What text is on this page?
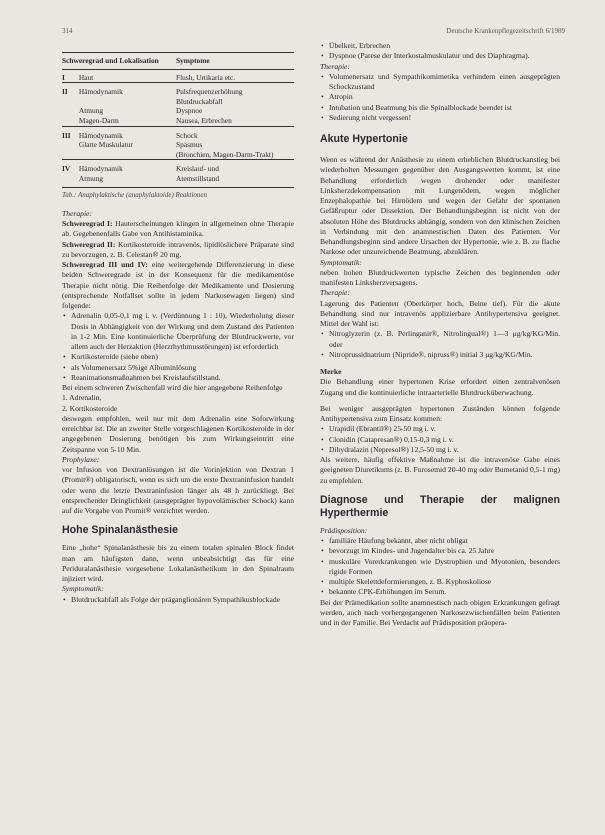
314	Deutsche Krankenpflegezeitschrift 6/1989
Schweregrad und Lokalisation		Symptome
I	Haut	Flush, Urtikaria etc.
II	Hämodynamik	Pulsfrequenzerhöhung
		Blutdruckabfall
	Atmung	Dyspnoe
	Magen-Darm	Nausea, Erbrechen
III	Hämodynamik	Schock
	Glatte Muskulatur	Spasmus
		(Bronchien, Magen-Darm-Trakt)
IV	Hämodynamik	Kreislauf- und
	Atmung	Atemstillstand
Tab.: Anaphylaktische (anaphylaktoide) Reaktionen

Therapie:

Schweregrad I: Hauterscheinungen klingen in allgemeinen ohne Therapie ab. Gegebenenfalls Gabe von Antihistaminika.

Schweregrad II: Kortikosteroide intravenös, lipidlöslichere Präparate sind zu bevorzugen, z. B. Celestan® 20 mg.

Schweregrad III und IV: eine weitergehende Differenzierung in diese beiden Schweregrade ist in der Konsequenz für die medikamentöse Therapie nicht nötig. Die Reihenfolge der Medikamente und Dosierung (entsprechende Notfallset sollte in jedem Narkosewagen liegen) sind folgende:

• Adrenalin 0,05-0,1 mg i. v. (Verdünnung 1 : 10), Wiederholung dieser Dosis in Abhängigkeit von der Wirkung und dem Zustand des Patienten in 1-2 Min. Eine kontinuierliche Überprüfung der Blutdruckwerte, vor allem auch der Herzaktion (Herzrhythmusstörungen) ist erforderlich
• Kortikosteroide (siehe oben)
• als Volumenersatz 5%ige Albuminlösung
• Reanimationsmaßnahmen bei Kreislaufstillstand.

Bei einem schweren Zwischenfall wird die hier angegebene Reihenfolge

1. Adrenalin,

2. Kortikosteroide

deswegen empfohlen, weil nur mit dem Adrenalin eine Soforwirkung erreichbar ist. Die an zweiter Stelle vorgeschlagenen Kortikosteroide in der angegebenen Dosierung benötigen bis zum Wirkungseintritt eine Zeitspanne von 5-10 Min.

Prophylaxe:

vor Infusion von Dextranlösungen ist die Vorinjektion von Dextran 1 (Promit®) obligatorisch, wenn es sich um die erste Dextraninfusion handelt oder wenn die letzte Dextraninfusion länger als 48 h zurückliegt. Bei entsprechender Dringlichkeit (ausgeprägter hypovolämischer Schock) kann auf die Vorgabe von Promit® verzichtet werden.

Hohe Spinalanästhesie

Eine „hohe“ Spinalanästhesie bis zu einem totalen spinalen Block findet man am häufigsten dann, wenn unbeabsichtigt das für eine Periduralanästhesie vorgesehene Lokalanästhetikum in den Spinalraum injiziert wird.

Symptomatik:

• Blutdruckabfall als Folge der präganglionären Sympathikusblockade
• Übelkeit, Erbrechen
• Dyspnoe (Parese der Interkostalmuskulatur und des Diaphragma).

Therapie:

• Volumenersatz und Sympathikomimetika verhindern einen ausgeprägten Schockzustand
• Atropin
• Intubation und Beatmung bis die Spinalblockade beendet ist
• Sedierung nicht vergessen!
Akute Hypertonie

Wenn es während der Anästhesie zu einem erheblichen Blutdruckanstieg bei wiederholten Messungen gegenüber den Ausgangswerten kommt, ist eine Behandlung erforderlich wegen drohender oder manifester Linksherzdekompensation mit Lungenödem, wegen möglicher Enzephalopathie bei Hirnödem und wegen der Gefahr der spontanen Gefäßruptur oder Dissektion. Der Behandlungsbeginn ist nicht von der absoluten Höhe des Blutdrucks abhängig, sondern von den klinischen Zeichen in Verbindung mit den anamnestischen Daten des Patienten. Vor Behandlungsbeginn sind andere Ursachen der Hypertonie, wie z. B. zu flache Narkose oder unzureichende Beatmung, abzuklären.

Symptomatik:

neben hohen Blutdruckwerten typische Zeichen des beginnenden oder manifesten Linksherzversagens.

Therapie:

Lagerung des Patienten (Oberkörper hoch, Beine tief). Für die akute Behandlung sind nur intravenös applizierbare Antihypertensiva geeignet. Mittel der Wahl ist:

• Nitroglyzerin (z. B. Perlinganit®, Nitrolingual®) 1—3 μg/kg/KG/Min. oder
• Nitroprussidnatrium (Nipride®, nipruss®) initial 3 μg/kg/KG/Min.

Merke

Die Behandlung einer hypertonen Krise erfordert einen zentralvenösen Zugang und die kontinuierliche intraarterielle Blutdrucküberwachung.

Bei weniger ausgeprägten hypertonen Zuständen können folgende Antihypertensiva zum Einsatz kommen:

• Urapidil (Ebrantil®) 25-50 mg i. v.
• Clonidin (Catapresan®) 0,15-0,3 mg i. v.
• Dihydralazin (Nepresol®) 12,5-50 mg i. v.

Als weitere, häufig effektive Maßnahme ist die intravenöse Gabe eines geeigneten Diuretikums (z. B. Furosemid 20-40 mg oder Bumetanid 0,5-1 mg) zu empfehlen.

Diagnose und Therapie der malignen Hyperthermie

Prädisposition:

• familiäre Häufung bekannt, aber nicht obligat
• bevorzugt im Kindes- und Jugendalter bis ca. 25 Jahre
• muskuläre Vorerkrankungen wie Dystrophien und Myotonien, besonders rigide Formen
• multiple Skelettdeformierungen, z. B. Kyphoskoliose
• bekannte CPK-Erhöhungen im Serum.

Bei der Prämedikation sollte anamnestisch nach obigen Erkrankungen gefragt werden, auch nach vorhergegangenen Narkosezwischenfällen beim Patienten und in der Familie. Bei Verdacht auf Prädisposition präopera-
